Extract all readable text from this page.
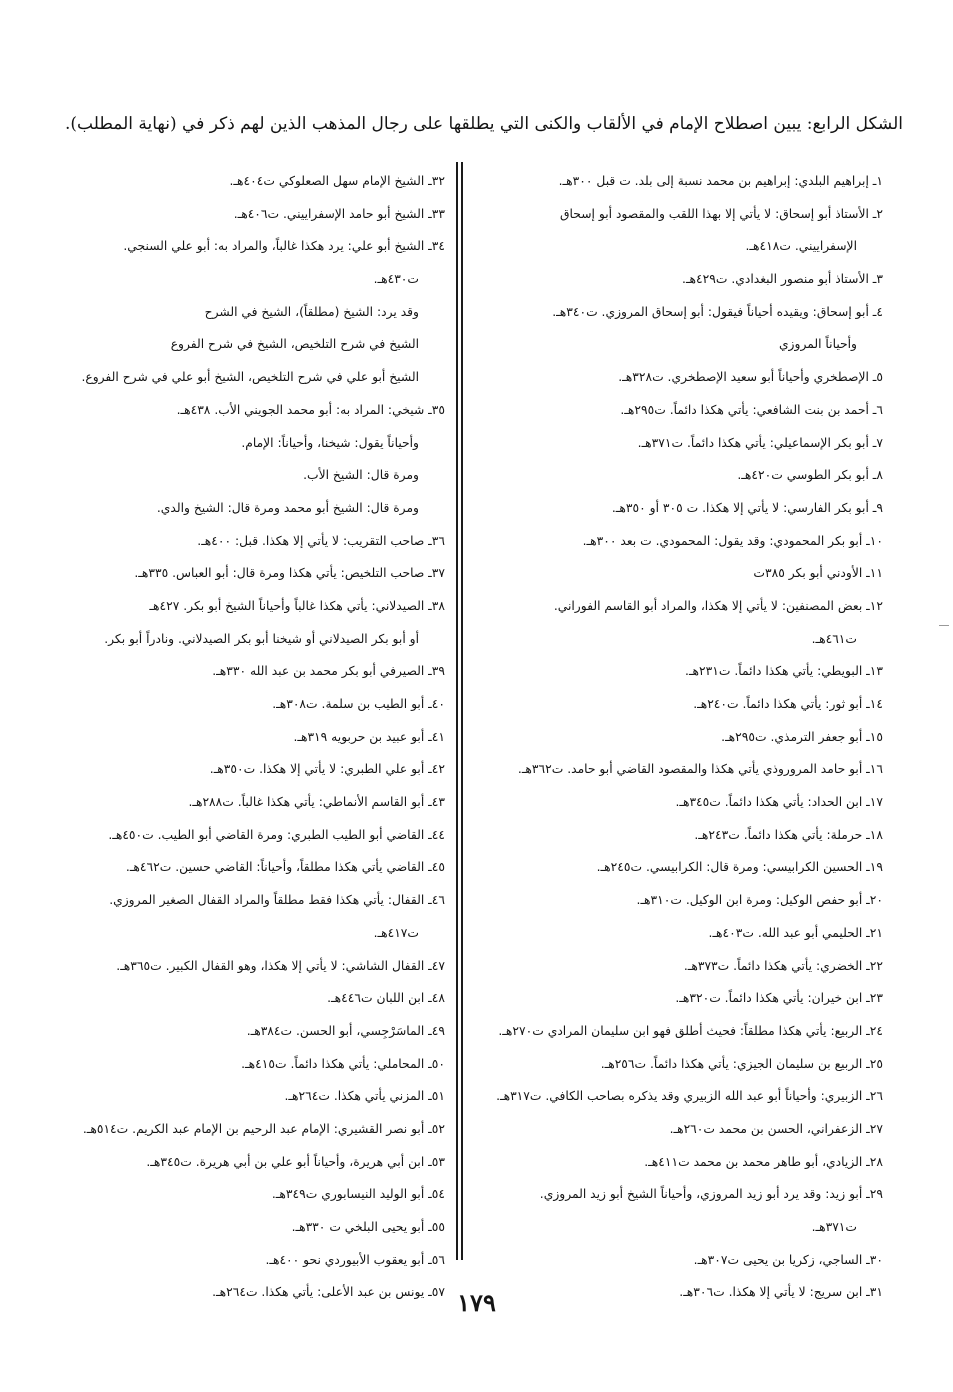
الشكل الرابع: يبين اصطلاح الإمام في الألقاب والكنى التي يطلقها على رجال المذهب الذين لهم ذكر في (نهاية المطلب).
١ـ إبراهيم البلدي: إبراهيم بن محمد نسبة إلى بلد. ت قبل ٣٠٠هـ.
٢ـ الأستاذ أبو إسحاق: لا يأتي إلا بهذا اللقب والمقصود أبو إسحاق
الإسفراييني. ت٤١٨هـ.
٣ـ الأستاذ أبو منصور البغدادي. ت٤٢٩هـ.
٤ـ أبو إسحاق: ويقيده أحياناً فيقول: أبو إسحاق المروزي. ت٣٤٠هـ.
وأحياناً المروزي
٥ـ الإصطخري وأحياناً أبو سعيد الإصطخري. ت٣٢٨هـ.
٦ـ أحمد بن بنت الشافعي: يأتي هكذا دائماً. ت٢٩٥هـ.
٧ـ أبو بكر الإسماعيلي: يأتي هكذا دائماً. ت٣٧١هـ.
٨ـ أبو بكر الطوسي ت٤٢٠هـ.
٩ـ أبو بكر الفارسي: لا يأتي إلا هكذا. ت ٣٠٥ أو ٣٥٠هـ.
١٠ـ أبو بكر المحمودي: وقد يقول: المحمودي. ت بعد ٣٠٠هـ.
١١ـ الأودني أبو بكر ٣٨٥ت
١٢ـ بعض المصنفين: لا يأتي إلا هكذا، والمراد أبو القاسم الفوراني.
ت٤٦١هـ.
١٣ـ البويطي: يأتي هكذا دائماً. ت٢٣١هـ.
١٤ـ أبو ثور: يأتي هكذا دائماً. ت٢٤٠هـ.
١٥ـ أبو جعفر الترمذي. ت٢٩٥هـ.
١٦ـ أبو حامد المروروذي يأتي هكذا والمقصود القاضي أبو حامد. ت٣٦٢هـ.
١٧ـ ابن الحداد: يأتي هكذا دائماً. ت٣٤٥هـ.
١٨ـ حرملة: يأتي هكذا دائماً. ت٢٤٣هـ.
١٩ـ الحسين الكرابيسي: ومرة قال: الكرابيسي. ت٢٤٥هـ.
٢٠ـ أبو حفص الوكيل: ومرة ابن الوكيل. ت٣١٠هـ.
٢١ـ الحليمي أبو عبد الله. ت٤٠٣هـ.
٢٢ـ الخضري: يأتي هكذا دائماً. ت٣٧٣هـ.
٢٣ـ ابن خيران: يأتي هكذا دائماً. ت٣٢٠هـ.
٢٤ـ الربيع: يأتي هكذا مطلقاً: فحيث أطلق فهو ابن سليمان المرادي ت٢٧٠هـ.
٢٥ـ الربيع بن سليمان الجيزي: يأتي هكذا دائماً. ت٢٥٦هـ.
٢٦ـ الزبيري: وأحياناً أبو عبد الله الزبيري وقد يذكره بصاحب الكافي. ت٣١٧هـ.
٢٧ـ الزعفراني، الحسن بن محمد ت٢٦٠هـ.
٢٨ـ الزيادي، أبو طاهر محمد بن محمد ت٤١١هـ.
٢٩ـ أبو زيد: وقد يرد أبو زيد المروزي، وأحياناً الشيخ أبو زيد المروزي.
ت٣٧١هـ.
٣٠ـ الساجي، زكريا بن يحيى ت٣٠٧هـ.
٣١ـ ابن سريج: لا يأتي إلا هكذا. ت٣٠٦هـ.
٣٢ـ الشيخ الإمام سهل الصعلوكي ت٤٠٤هـ.
٣٣ـ الشيخ أبو حامد الإسفراييني. ت٤٠٦هـ.
٣٤ـ الشيخ أبو علي: يرد هكذا غالباً، والمراد به: أبو علي السنجي.
ت٤٣٠هـ.
وقد يرد: الشيخ (مطلقاً)، الشيخ في الشرح
الشيخ في شرح التلخيص، الشيخ في شرح الفروع
الشيخ أبو علي في شرح التلخيص، الشيخ أبو علي في شرح الفروع.
٣٥ـ شيخي: المراد به: أبو محمد الجويني الأب. ٤٣٨هـ.
وأحياناً يقول: شيخنا، وأحياناً: الإمام.
ومرة قال: الشيخ الأب.
ومرة قال: الشيخ أبو محمد ومرة قال: الشيخ والدي.
٣٦ـ صاحب التقريب: لا يأتي إلا هكذا. قبل: ٤٠٠هـ.
٣٧ـ صاحب التلخيص: يأتي هكذا ومرة قال: أبو العباس. ٣٣٥هـ.
٣٨ـ الصيدلاني: يأتي هكذا غالباً وأحياناً الشيخ أبو بكر. ٤٢٧هـ
أو أبو بكر الصيدلاني أو شيخنا أبو بكر الصيدلاني. ونادراً أبو بكر.
٣٩ـ الصيرفي أبو بكر محمد بن عبد الله ٣٣٠هـ.
٤٠ـ أبو الطيب بن سلمة. ت٣٠٨هـ.
٤١ـ أبو عبيد بن حربويه ٣١٩هـ.
٤٢ـ أبو علي الطبري: لا يأتي إلا هكذا. ت٣٥٠هـ.
٤٣ـ أبو القاسم الأنماطي: يأتي هكذا غالباً. ت٢٨٨هـ.
٤٤ـ القاضي أبو الطيب الطبري: ومرة القاضي أبو الطيب. ت٤٥٠هـ.
٤٥ـ القاضي يأتي هكذا مطلقاً، وأحياناً: القاضي حسين. ت٤٦٢هـ.
٤٦ـ القفال: يأتي هكذا فقط مطلقاً والمراد القفال الصغير المروزي.
ت٤١٧هـ.
٤٧ـ القفال الشاشي: لا يأتي إلا هكذا، وهو القفال الكبير. ت٣٦٥هـ.
٤٨ـ ابن اللبان ت٤٤٦هـ.
٤٩ـ الماسَرْجِسي، أبو الحسن. ت٣٨٤هـ.
٥٠ـ المحاملي: يأتي هكذا دائماً. ت٤١٥هـ.
٥١ـ المزني يأتي هكذا. ت٢٦٤هـ.
٥٢ـ أبو نصر القشيري: الإمام عبد الرحيم بن الإمام عبد الكريم. ت٥١٤هـ.
٥٣ـ ابن أبي هريرة، وأحياناً أبو علي بن أبي هريرة. ت٣٤٥هـ.
٥٤ـ أبو الوليد النيسابوري ت٣٤٩هـ.
٥٥ـ أبو يحيى البلخي ت ٣٣٠هـ.
٥٦ـ أبو يعقوب الأبيوردي نحو ٤٠٠هـ.
٥٧ـ يونس بن عبد الأعلى: يأتي هكذا. ت٢٦٤هـ. ١٧٩
